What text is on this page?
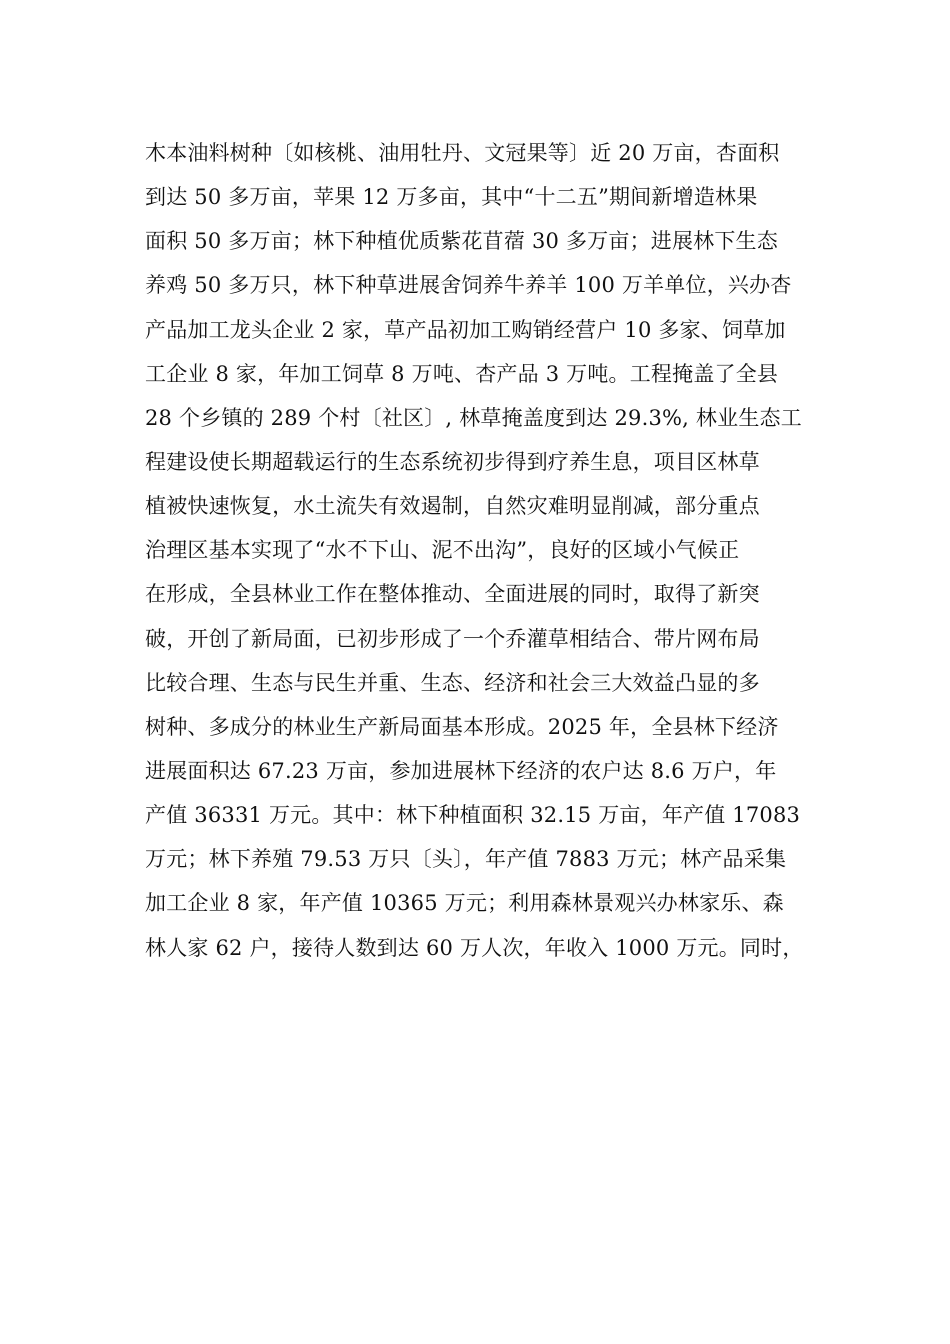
木本油料树种〔如核桃、油用牡丹、文冠果等〕近 20 万亩，杏面积
到达 50 多万亩，苹果 12 万多亩，其中“十二五”期间新增造林果
面积 50 多万亩；林下种植优质紫花苜蓿 30 多万亩；进展林下生态
养鸡 50 多万只，林下种草进展舍饲养牛养羊 100 万羊单位，兴办杏
产品加工龙头企业 2 家，草产品初加工购销经营户 10 多家、饲草加
工企业 8 家，年加工饲草 8 万吨、杏产品 3 万吨。工程掩盖了全县
28 个乡镇的 289 个村〔社区〕, 林草掩盖度到达 29.3%, 林业生态工
程建设使长期超载运行的生态系统初步得到疗养生息，项目区林草
植被快速恢复，水土流失有效遏制，自然灾难明显削减，部分重点
治理区基本实现了“水不下山、泥不出沟”，良好的区域小气候正
在形成，全县林业工作在整体推动、全面进展的同时，取得了新突
破，开创了新局面，已初步形成了一个乔灌草相结合、带片网布局
比较合理、生态与民生并重、生态、经济和社会三大效益凸显的多
树种、多成分的林业生产新局面基本形成。2025 年，全县林下经济
进展面积达 67.23 万亩，参加进展林下经济的农户达 8.6 万户，年
产值 36331 万元。其中：林下种植面积 32.15 万亩，年产值 17083
万元；林下养殖 79.53 万只〔头〕，年产值 7883 万元；林产品采集
加工企业 8 家，年产值 10365 万元；利用森林景观兴办林家乐、森
林人家 62 户，接待人数到达 60 万人次，年收入 1000 万元。同时，
